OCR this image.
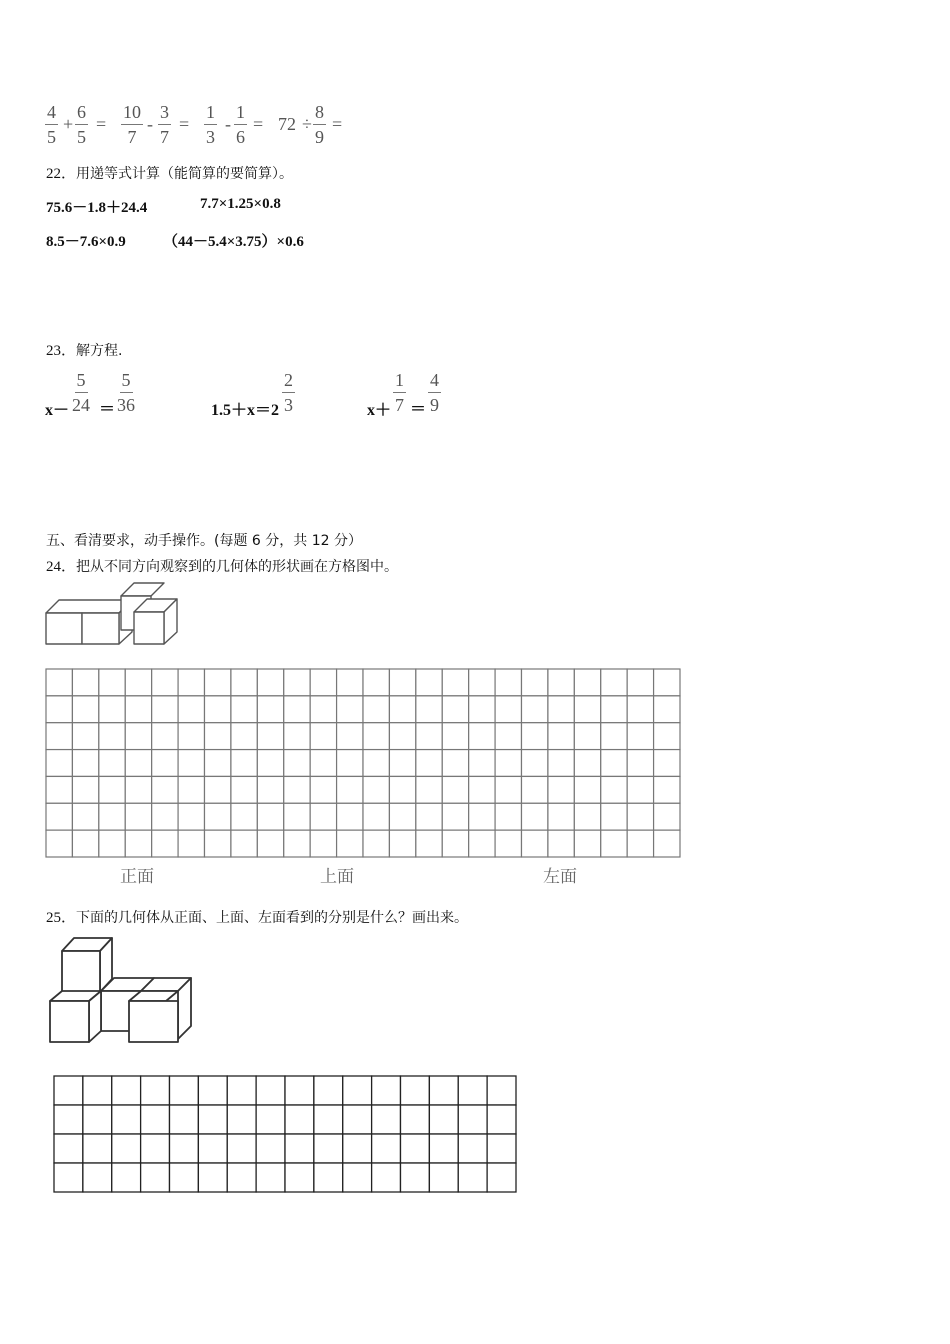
$\frac{4}{5} + \frac{6}{5} = \frac{10}{7} - \frac{3}{7} = \frac{1}{3} - \frac{1}{6} = 72 \div \frac{8}{9}$ =
22．用递等式计算（能简算的要简算）。
75.6－1.8＋24.4	7.7×1.25×0.8
8.5－7.6×0.9 （44－5.4×3.75）×0.6
23．解方程.
$x- \frac{5}{24} = \frac{5}{36}$	$1.5+x=2 \frac{2}{3}$	$x+ \frac{1}{7} = \frac{4}{9}$
五、看清要求，动手操作。(每题 6 分，共 12 分）
24．把从不同方向观察到的几何体的形状画在方格图中。
正面	上面	左面
25．下面的几何体从正面、上面、左面看到的分别是什么？画出来。
